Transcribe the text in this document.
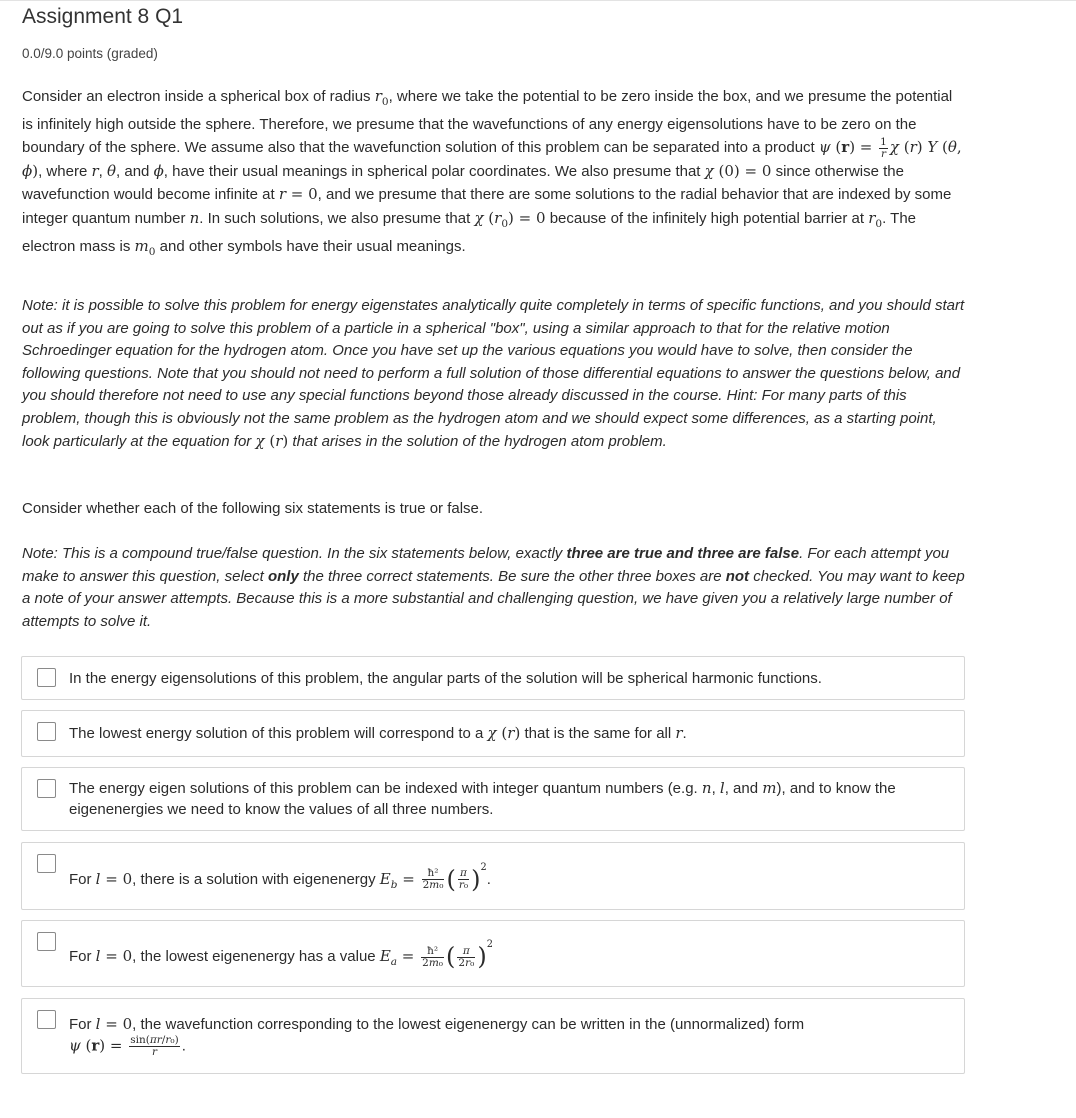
Assignment 8 Q1
0.0/9.0 points (graded)
Consider an electron inside a spherical box of radius $r_0$, where we take the potential to be zero inside the box, and we presume the potential is infinitely high outside the sphere. Therefore, we presume that the wavefunctions of any energy eigensolutions have to be zero on the boundary of the sphere. We assume also that the wavefunction solution of this problem can be separated into a product ψ $(r) = \frac{1}{r}$ χ (r) Y (θ, ϕ), where r, θ, and ϕ, have their usual meanings in spherical polar coordinates. We also presume that χ (0) = 0 since otherwise the wavefunction would become infinite at r = 0, and we presume that there are some solutions to the radial behavior that are indexed by some integer quantum number n. In such solutions, we also presume that χ $(r_0) = 0$ because of the infinitely high potential barrier at $r_0$. The electron mass is $m_0$ and other symbols have their usual meanings.
Note: it is possible to solve this problem for energy eigenstates analytically quite completely in terms of specific functions, and you should start out as if you are going to solve this problem of a particle in a spherical "box", using a similar approach to that for the relative motion Schroedinger equation for the hydrogen atom. Once you have set up the various equations you would have to solve, then consider the following questions. Note that you should not need to perform a full solution of those differential equations to answer the questions below, and you should therefore not need to use any special functions beyond those already discussed in the course. Hint: For many parts of this problem, though this is obviously not the same problem as the hydrogen atom and we should expect some differences, as a starting point, look particularly at the equation for χ (r) that arises in the solution of the hydrogen atom problem.
Consider whether each of the following six statements is true or false.
Note: This is a compound true/false question. In the six statements below, exactly three are true and three are false. For each attempt you make to answer this question, select only the three correct statements. Be sure the other three boxes are not checked. You may want to keep a note of your answer attempts. Because this is a more substantial and challenging question, we have given you a relatively large number of attempts to solve it.
In the energy eigensolutions of this problem, the angular parts of the solution will be spherical harmonic functions.
The lowest energy solution of this problem will correspond to a χ (r) that is the same for all r.
The energy eigen solutions of this problem can be indexed with integer quantum numbers (e.g. n, l, and m), and to know the eigenenergies we need to know the values of all three numbers.
For l = 0, there is a solution with eigenenergy $E_b = \frac{\text{ħ²}}{\text{2m₀}}$ ( $\frac{\pi}{\text{r₀}} )^2$.
For l = 0, the lowest eigenenergy has a value $E_a = \frac{\text{ħ²}}{\text{2m₀}}$ ( $\frac{\pi}{\text{2r₀}} )^2$
For l = 0, the wavefunction corresponding to the lowest eigenenergy can be written in the (unnormalized) form
ψ $(r) = \frac{\text{sin(πr/r₀)}}{r}$ .
